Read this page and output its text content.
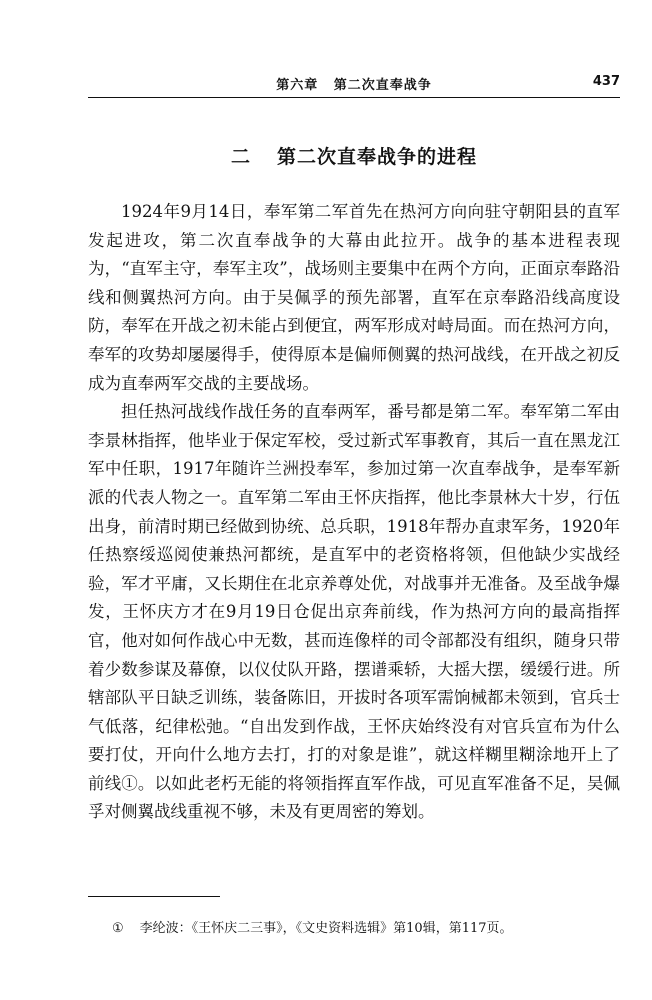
第六章 第二次直奉战争	437
二 第二次直奉战争的进程

1924年9月14日，奉军第二军首先在热河方向向驻守朝阳县的直军发起进攻，第二次直奉战争的大幕由此拉开。战争的基本进程表现为，“直军主守，奉军主攻”，战场则主要集中在两个方向，正面京奉路沿线和侧翼热河方向。由于吴佩孚的预先部署，直军在京奉路沿线高度设防，奉军在开战之初未能占到便宜，两军形成对峙局面。而在热河方向，奉军的攻势却屡屡得手，使得原本是偏师侧翼的热河战线，在开战之初反成为直奉两军交战的主要战场。

担任热河战线作战任务的直奉两军，番号都是第二军。奉军第二军由李景林指挥，他毕业于保定军校，受过新式军事教育，其后一直在黑龙江军中任职，1917年随许兰洲投奉军，参加过第一次直奉战争，是奉军新派的代表人物之一。直军第二军由王怀庆指挥，他比李景林大十岁，行伍出身，前清时期已经做到协统、总兵职，1918年帮办直隶军务，1920年任热察绥巡阅使兼热河都统，是直军中的老资格将领，但他缺少实战经验，军才平庸，又长期住在北京养尊处优，对战事并无准备。及至战争爆发，王怀庆方才在9月19日仓促出京奔前线，作为热河方向的最高指挥官，他对如何作战心中无数，甚而连像样的司令部都没有组织，随身只带着少数参谋及幕僚，以仪仗队开路，摆谱乘轿，大摇大摆，缓缓行进。所辖部队平日缺乏训练，装备陈旧，开拔时各项军需饷械都未领到，官兵士气低落，纪律松弛。“自出发到作战，王怀庆始终没有对官兵宣布为什么要打仗，开向什么地方去打，打的对象是谁”，就这样糊里糊涂地开上了前线①。以如此老朽无能的将领指挥直军作战，可见直军准备不足，吴佩孚对侧翼战线重视不够，未及有更周密的筹划。

① 李纶波：《王怀庆二三事》，《文史资料选辑》第10辑，第117页。
